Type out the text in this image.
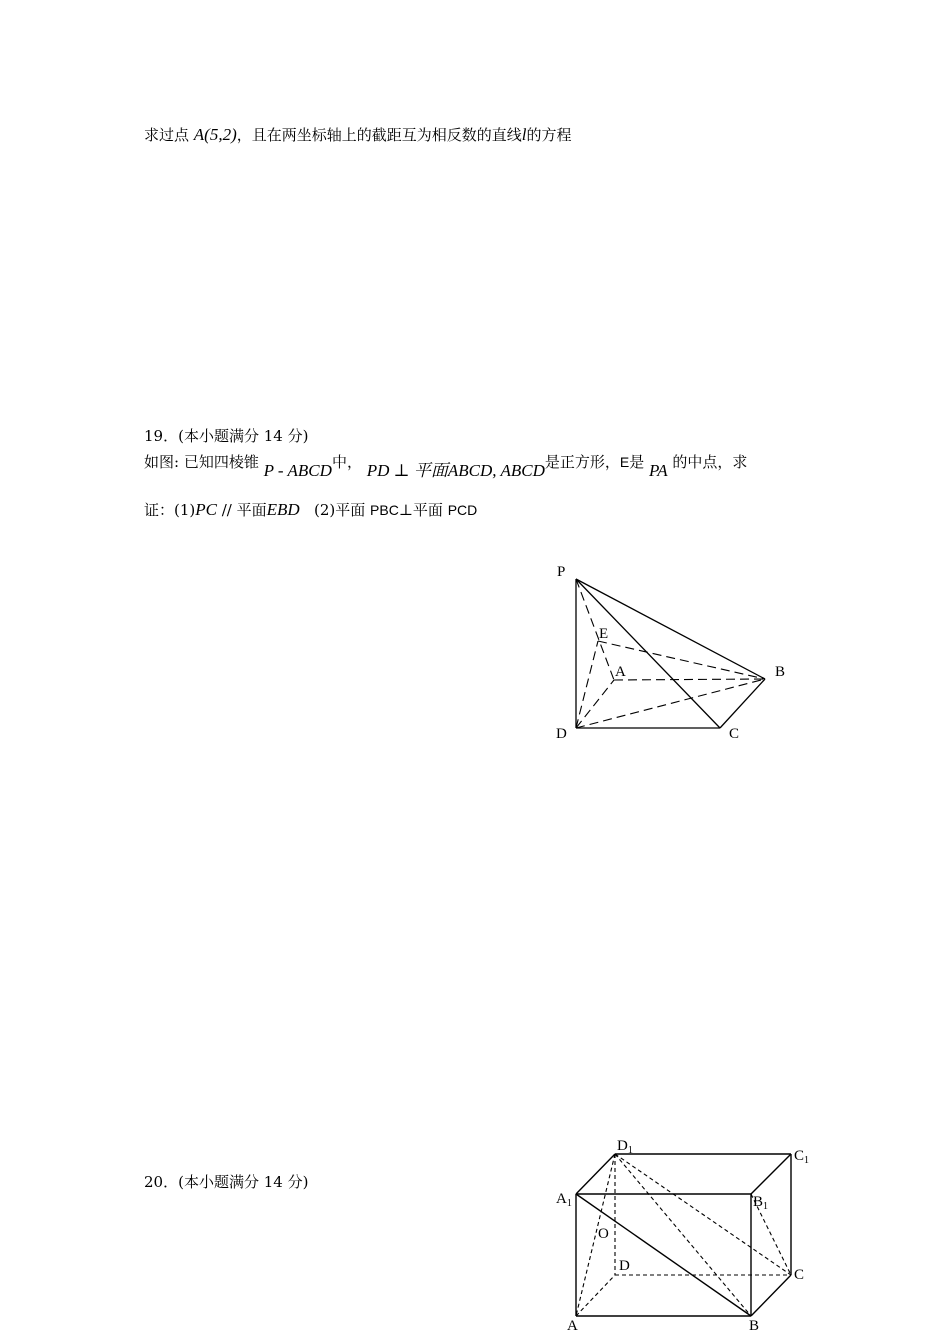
求过点 A(5,2)，且在两坐标轴上的截距互为相反数的直线l的方程
19．(本小题满分 14 分)
如图: 已知四棱锥 P - ABCD中， PD ⊥ 平面ABCD, ABCD是正方形，E是 PA 的中点，求
证：(1)PC // 平面EBD (2)平面 PBC⊥平面 PCD
P
E
A	B
D	C
20．(本小题满分 14 分)
$D_1$	$C_1$
$A_1$	$B_1$
O
D
C
A	B
